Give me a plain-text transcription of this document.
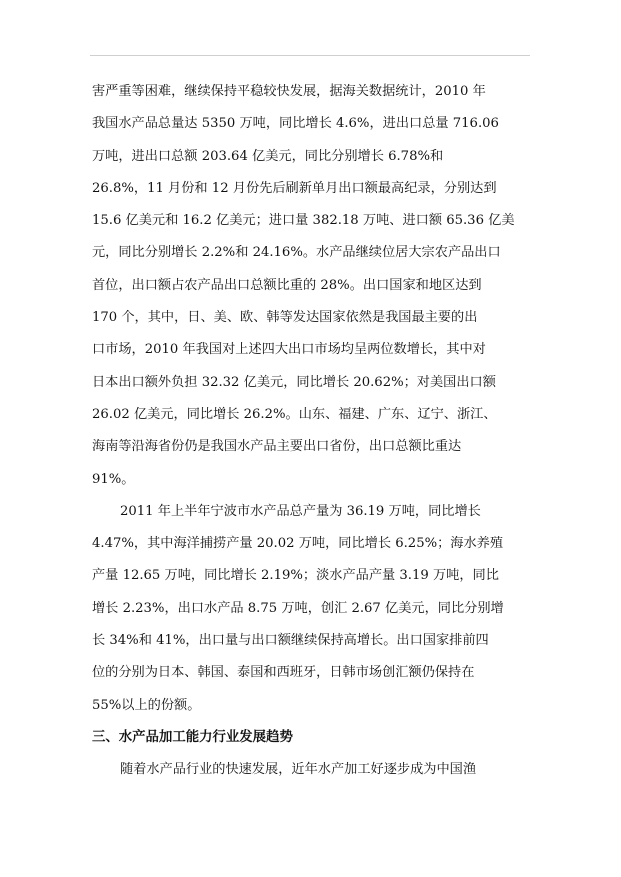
害严重等困难，继续保持平稳较快发展，据海关数据统计，2010 年
我国水产品总量达 5350 万吨，同比增长 4.6%，进出口总量 716.06
万吨，进出口总额 203.64 亿美元，同比分别增长 6.78%和
26.8%，11 月份和 12 月份先后刷新单月出口额最高纪录，分别达到
15.6 亿美元和 16.2 亿美元；进口量 382.18 万吨、进口额 65.36 亿美
元，同比分别增长 2.2%和 24.16%。水产品继续位居大宗农产品出口
首位，出口额占农产品出口总额比重的 28%。出口国家和地区达到
170 个，其中，日、美、欧、韩等发达国家依然是我国最主要的出
口市场，2010 年我国对上述四大出口市场均呈两位数增长，其中对
日本出口额外负担 32.32 亿美元，同比增长 20.62%；对美国出口额
26.02 亿美元，同比增长 26.2%。山东、福建、广东、辽宁、浙江、
海南等沿海省份仍是我国水产品主要出口省份，出口总额比重达
91%。
2011 年上半年宁波市水产品总产量为 36.19 万吨，同比增长
4.47%，其中海洋捕捞产量 20.02 万吨，同比增长 6.25%；海水养殖
产量 12.65 万吨，同比增长 2.19%；淡水产品产量 3.19 万吨，同比
增长 2.23%，出口水产品 8.75 万吨，创汇 2.67 亿美元，同比分别增
长 34%和 41%，出口量与出口额继续保持高增长。出口国家排前四
位的分别为日本、韩国、泰国和西班牙，日韩市场创汇额仍保持在
55%以上的份额。
三、水产品加工能力行业发展趋势
随着水产品行业的快速发展，近年水产加工好逐步成为中国渔
